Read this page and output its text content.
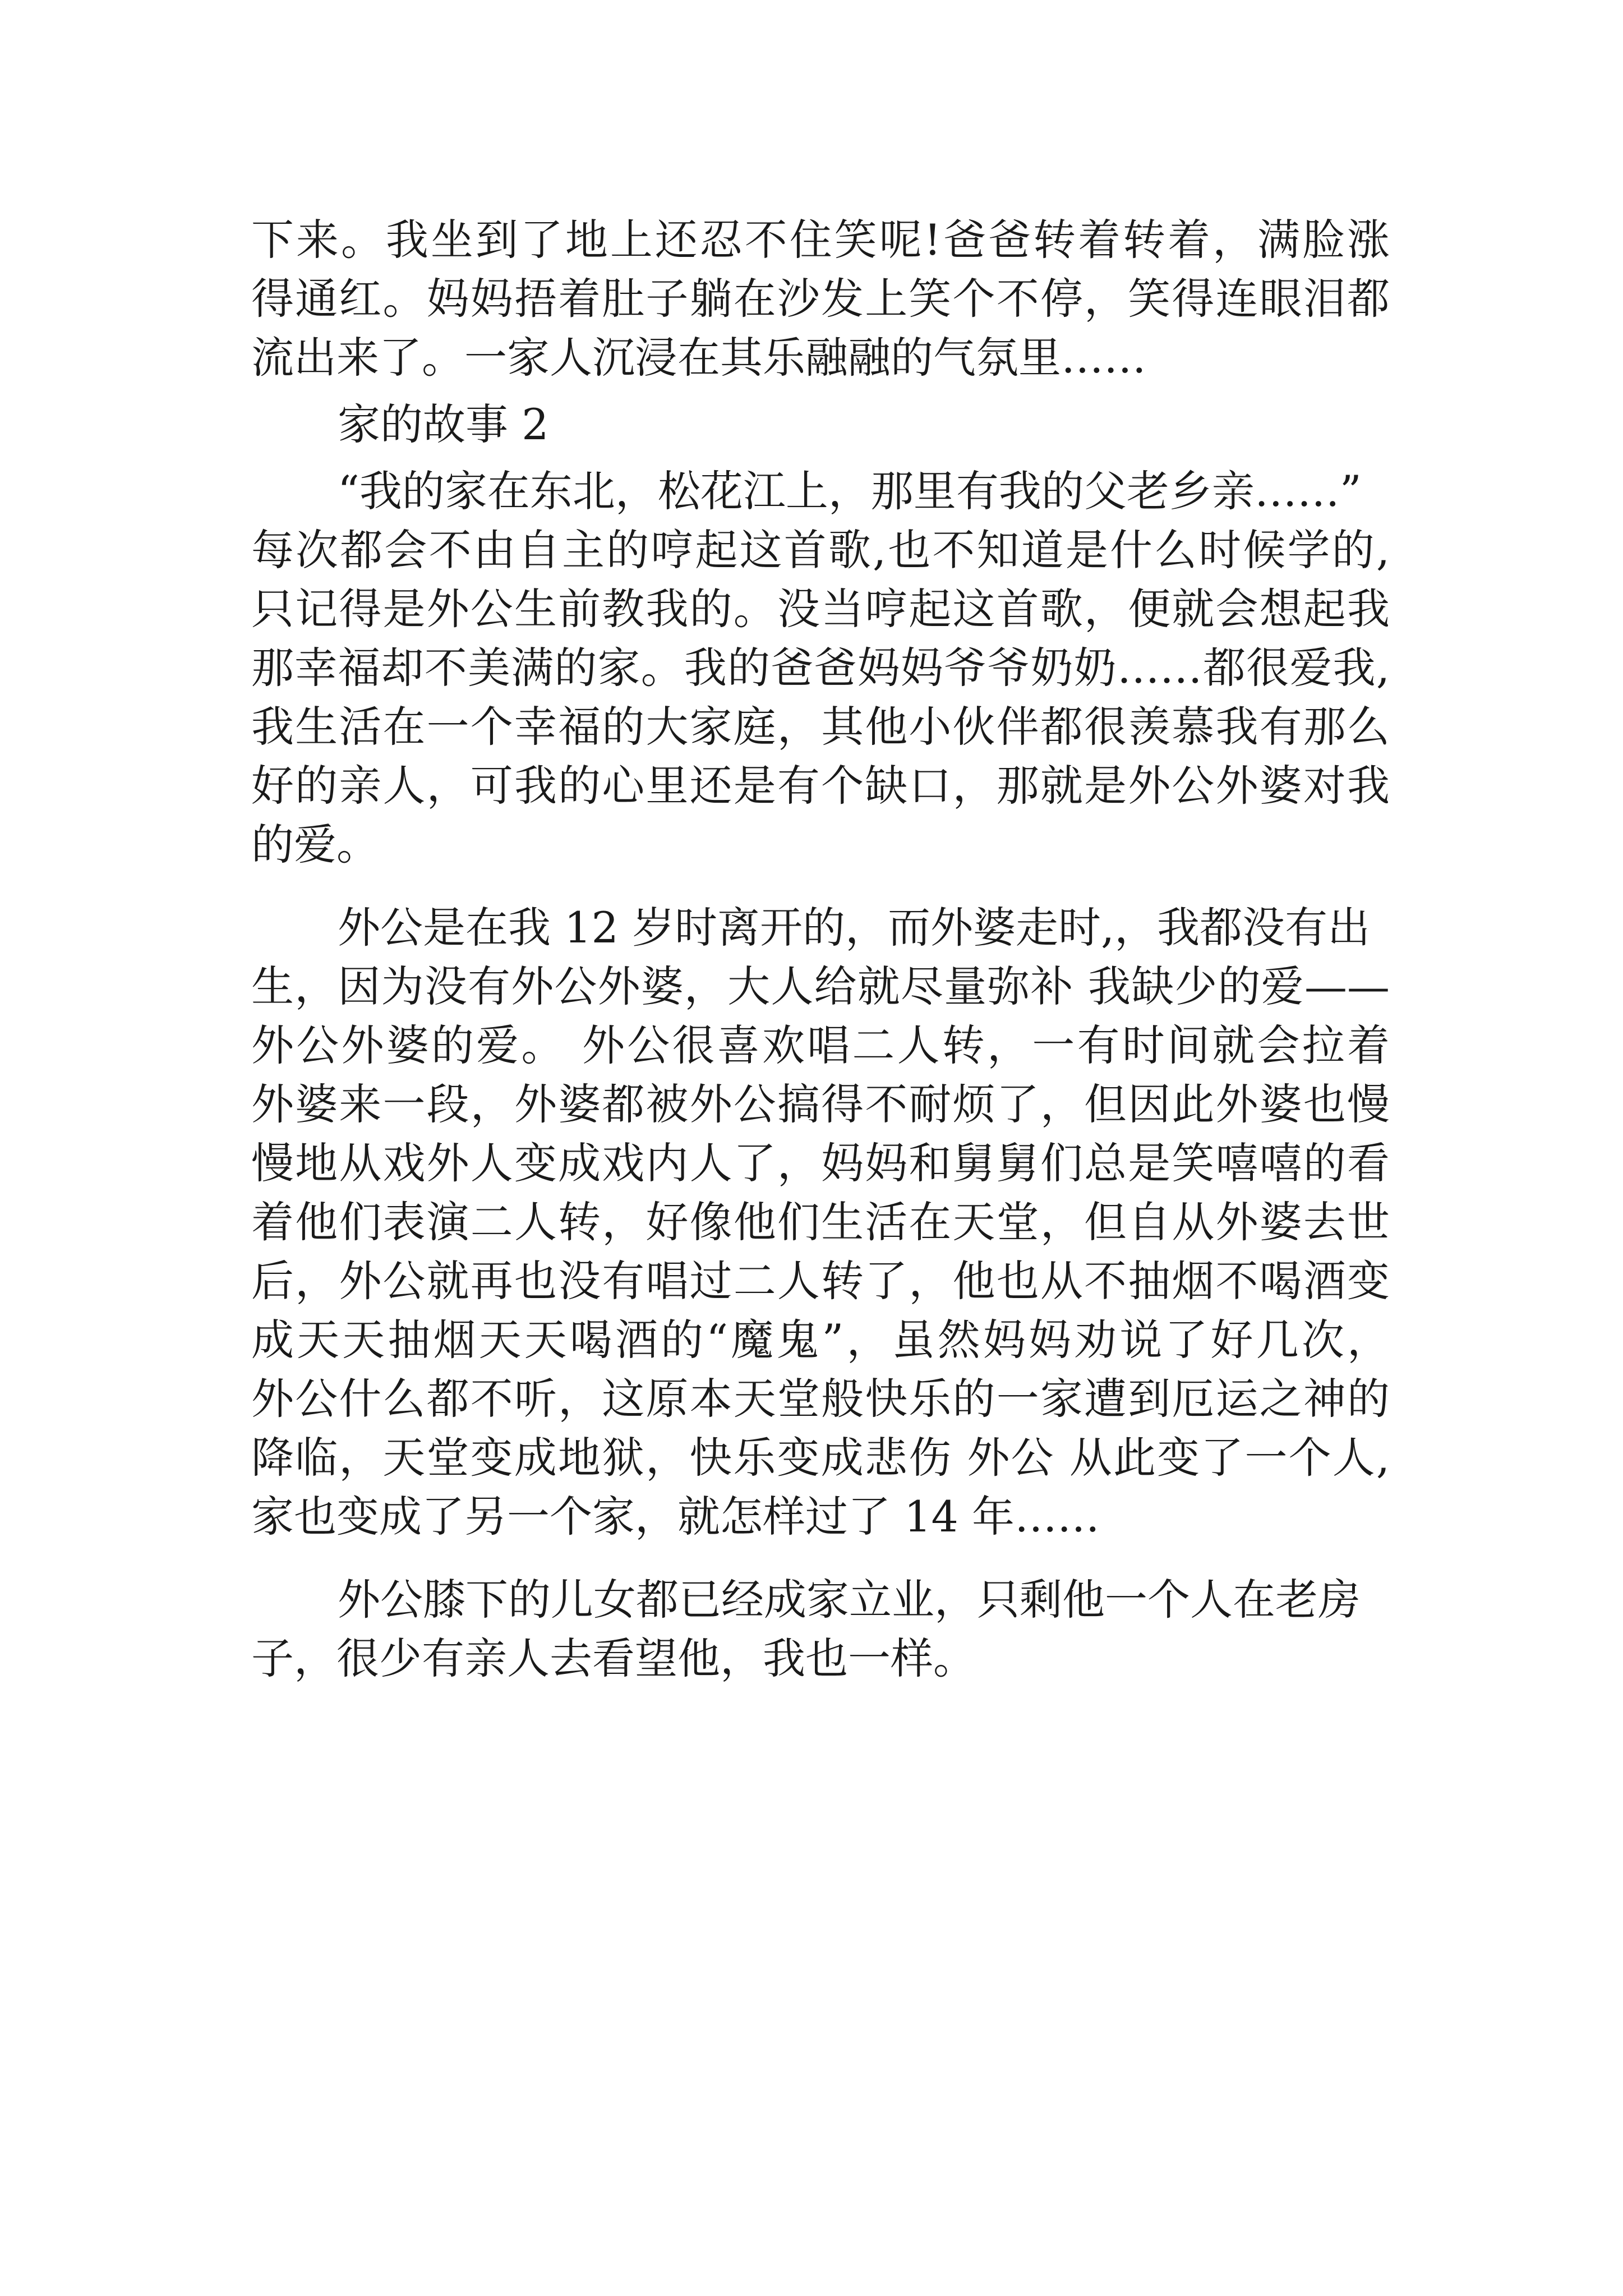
下来。我坐到了地上还忍不住笑呢!爸爸转着转着，满脸涨
得通红。妈妈捂着肚子躺在沙发上笑个不停，笑得连眼泪都
流出来了。一家人沉浸在其乐融融的气氛里……
家的故事 2
“我的家在东北，松花江上，那里有我的父老乡亲……”
每次都会不由自主的哼起这首歌,也不知道是什么时候学的,
只记得是外公生前教我的。没当哼起这首歌，便就会想起我
那幸福却不美满的家。我的爸爸妈妈爷爷奶奶……都很爱我,
我生活在一个幸福的大家庭，其他小伙伴都很羡慕我有那么
好的亲人，可我的心里还是有个缺口，那就是外公外婆对我
的爱。
外公是在我 12 岁时离开的，而外婆走时,，我都没有出
生，因为没有外公外婆，大人给就尽量弥补 我缺少的爱——
外公外婆的爱。 外公很喜欢唱二人转，一有时间就会拉着
外婆来一段，外婆都被外公搞得不耐烦了，但因此外婆也慢
慢地从戏外人变成戏内人了，妈妈和舅舅们总是笑嘻嘻的看
着他们表演二人转，好像他们生活在天堂，但自从外婆去世
后，外公就再也没有唱过二人转了，他也从不抽烟不喝酒变
成天天抽烟天天喝酒的“魔鬼”，虽然妈妈劝说了好几次，
外公什么都不听，这原本天堂般快乐的一家遭到厄运之神的
降临，天堂变成地狱，快乐变成悲伤 外公 从此变了一个人,
家也变成了另一个家，就怎样过了 14 年……
外公膝下的儿女都已经成家立业，只剩他一个人在老房
子，很少有亲人去看望他，我也一样。
